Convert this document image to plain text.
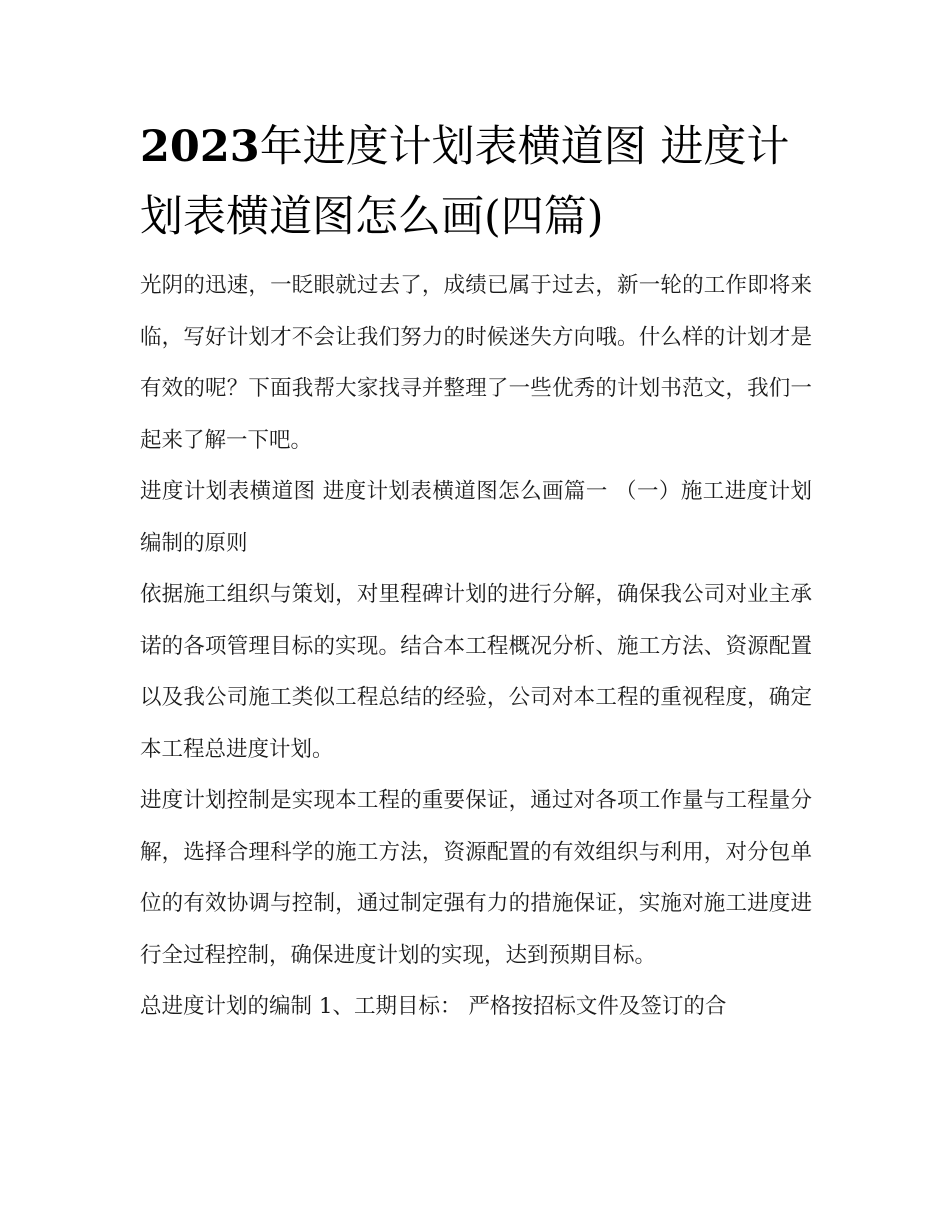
2023年进度计划表横道图 进度计划表横道图怎么画(四篇)

光阴的迅速，一眨眼就过去了，成绩已属于过去，新一轮的工作即将来临，写好计划才不会让我们努力的时候迷失方向哦。什么样的计划才是有效的呢？下面我帮大家找寻并整理了一些优秀的计划书范文，我们一起来了解一下吧。

进度计划表横道图 进度计划表横道图怎么画篇一 （一）施工进度计划编制的原则

依据施工组织与策划，对里程碑计划的进行分解，确保我公司对业主承诺的各项管理目标的实现。结合本工程概况分析、施工方法、资源配置以及我公司施工类似工程总结的经验，公司对本工程的重视程度，确定本工程总进度计划。

进度计划控制是实现本工程的重要保证，通过对各项工作量与工程量分解，选择合理科学的施工方法，资源配置的有效组织与利用，对分包单位的有效协调与控制，通过制定强有力的措施保证，实施对施工进度进行全过程控制，确保进度计划的实现，达到预期目标。

总进度计划的编制 1、工期目标： 严格按招标文件及签订的合
